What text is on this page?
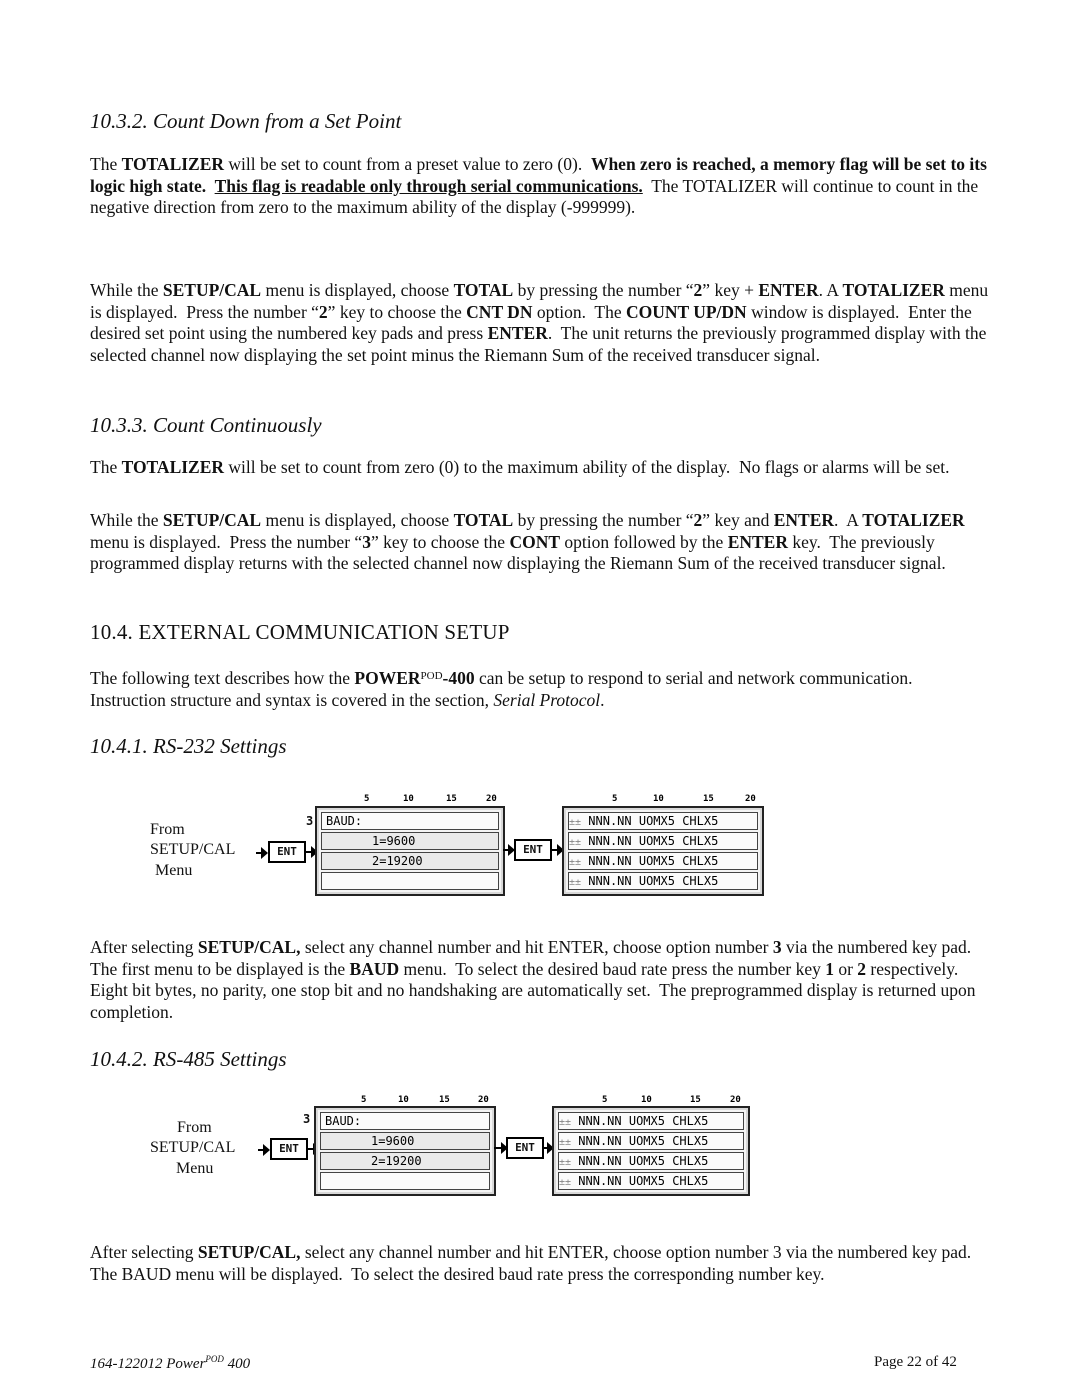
10.3.2. Count Down from a Set Point
The TOTALIZER will be set to count from a preset value to zero (0).  When zero is reached, a memory flag will be set to its logic high state.  This flag is readable only through serial communications.  The TOTALIZER will continue to count in the negative direction from zero to the maximum ability of the display (-999999).
While the SETUP/CAL menu is displayed, choose TOTAL by pressing the number “2” key + ENTER. A TOTALIZER menu is displayed.  Press the number “2” key to choose the CNT DN option.  The COUNT UP/DN window is displayed.  Enter the desired set point using the numbered key pads and press ENTER.  The unit returns the previously programmed display with the selected channel now displaying the set point minus the Riemann Sum of the received transducer signal.
10.3.3. Count Continuously
The TOTALIZER will be set to count from zero (0) to the maximum ability of the display.  No flags or alarms will be set.
While the SETUP/CAL menu is displayed, choose TOTAL by pressing the number “2” key and ENTER.  A TOTALIZER menu is displayed.  Press the number “3” key to choose the CONT option followed by the ENTER key.  The previously programmed display returns with the selected channel now displaying the Riemann Sum of the received transducer signal.
10.4. EXTERNAL COMMUNICATION SETUP
The following text describes how the $POWER^{POD}-400$ can be setup to respond to serial and network communication.  Instruction structure and syntax is covered in the section, Serial Protocol.
10.4.1. RS-232 Settings
From
SETUP/CAL
Menu
ENT
5	10	15	20
3	BAUD:
1=9600
2=19200
ENT
5	10	15	20
±± NNN.NN UOMX5 CHLX5
±± NNN.NN UOMX5 CHLX5
±± NNN.NN UOMX5 CHLX5
±± NNN.NN UOMX5 CHLX5
After selecting SETUP/CAL, select any channel number and hit ENTER, choose option number 3 via the numbered key pad.  The first menu to be displayed is the BAUD menu.  To select the desired baud rate press the number key 1 or 2 respectively.    Eight bit bytes, no parity, one stop bit and no handshaking are automatically set.  The preprogrammed display is returned upon completion.
10.4.2. RS-485 Settings
From
SETUP/CAL
Menu
ENT
5	10	15	20
3	BAUD:
1=9600
2=19200
ENT
5	10	15	20
±± NNN.NN UOMX5 CHLX5
±± NNN.NN UOMX5 CHLX5
±± NNN.NN UOMX5 CHLX5
±± NNN.NN UOMX5 CHLX5
After selecting SETUP/CAL, select any channel number and hit ENTER, choose option number 3 via the numbered key pad.  The BAUD menu will be displayed.  To select the desired baud rate press the corresponding number key.
164-122012 Power$^{POD}$ 400	Page 22 of 42
